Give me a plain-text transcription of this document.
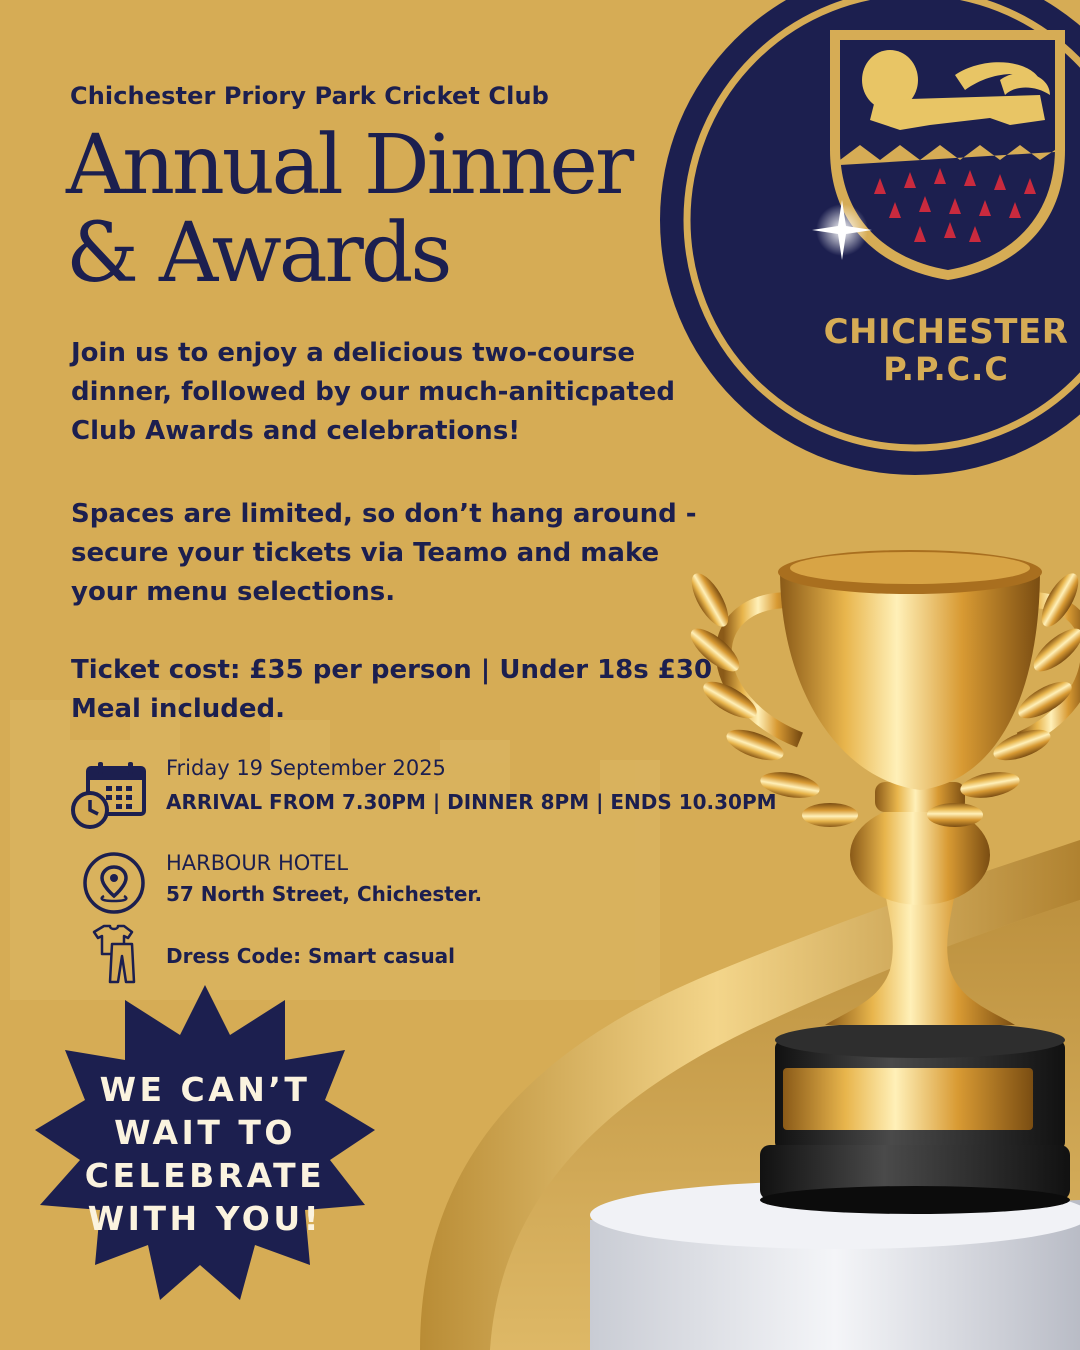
Chichester Priory Park Cricket Club
Annual Dinner
& Awards

Join us to enjoy a delicious two-course dinner, followed by our much-aniticpated Club Awards and celebrations!

Spaces are limited, so don’t hang around - secure your tickets via Teamo and make your menu selections.

Ticket cost: £35 per person | Under 18s £30
Meal included.

Friday 19 September 2025
ARRIVAL FROM 7.30PM | DINNER 8PM | ENDS 10.30PM
HARBOUR HOTEL
57 North Street, Chichester.
Dress Code: Smart casual
WE CAN’T
WAIT TO
CELEBRATE
WITH YOU!
CHICHESTER
P.P.C.C
